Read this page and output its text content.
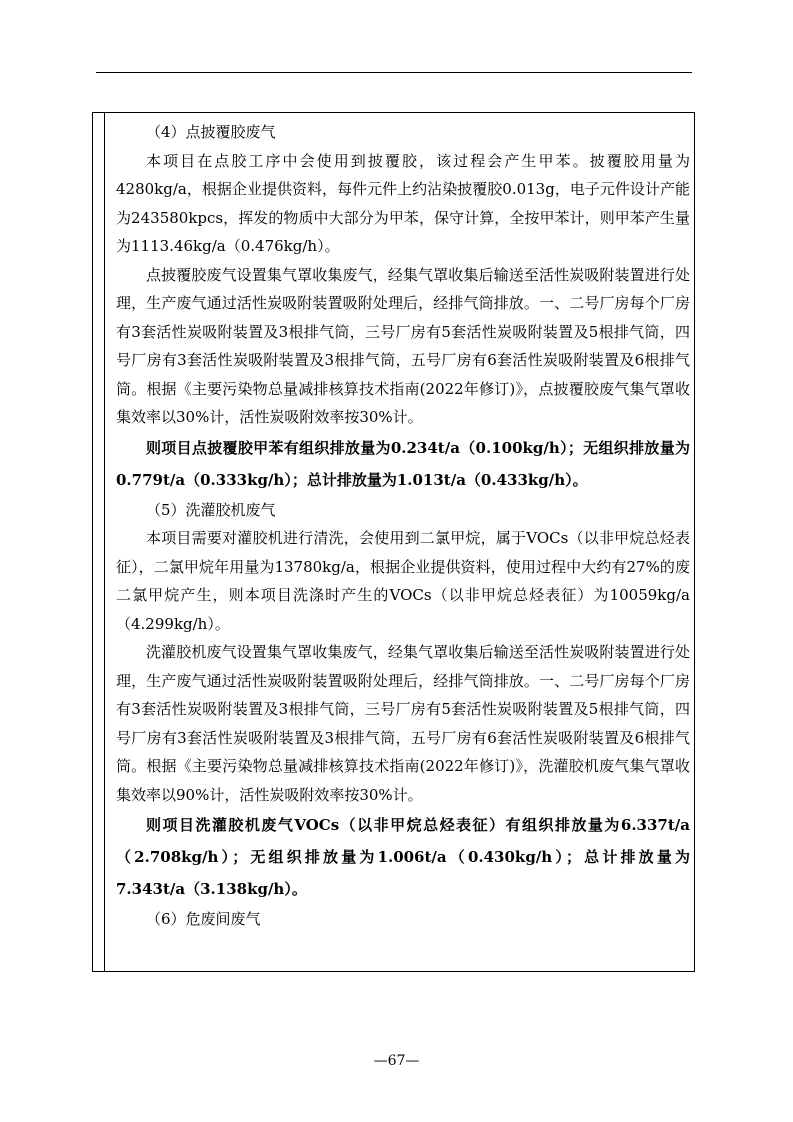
（4）点披覆胶废气

本项目在点胶工序中会使用到披覆胶，该过程会产生甲苯。披覆胶用量为4280kg/a，根据企业提供资料，每件元件上约沾染披覆胶0.013g，电子元件设计产能为243580kpcs，挥发的物质中大部分为甲苯，保守计算，全按甲苯计，则甲苯产生量为1113.46kg/a（0.476kg/h）。

点披覆胶废气设置集气罩收集废气，经集气罩收集后输送至活性炭吸附装置进行处理，生产废气通过活性炭吸附装置吸附处理后，经排气筒排放。一、二号厂房每个厂房有3套活性炭吸附装置及3根排气筒，三号厂房有5套活性炭吸附装置及5根排气筒，四号厂房有3套活性炭吸附装置及3根排气筒，五号厂房有6套活性炭吸附装置及6根排气筒。根据《主要污染物总量减排核算技术指南(2022年修订)》，点披覆胶废气集气罩收集效率以30%计，活性炭吸附效率按30%计。

则项目点披覆胶甲苯有组织排放量为0.234t/a（0.100kg/h）；无组织排放量为0.779t/a（0.333kg/h）；总计排放量为1.013t/a（0.433kg/h）。

（5）洗灌胶机废气

本项目需要对灌胶机进行清洗，会使用到二氯甲烷，属于VOCs（以非甲烷总烃表征），二氯甲烷年用量为13780kg/a，根据企业提供资料，使用过程中大约有27%的废二氯甲烷产生，则本项目洗涤时产生的VOCs（以非甲烷总烃表征）为10059kg/a（4.299kg/h）。

洗灌胶机废气设置集气罩收集废气，经集气罩收集后输送至活性炭吸附装置进行处理，生产废气通过活性炭吸附装置吸附处理后，经排气筒排放。一、二号厂房每个厂房有3套活性炭吸附装置及3根排气筒，三号厂房有5套活性炭吸附装置及5根排气筒，四号厂房有3套活性炭吸附装置及3根排气筒，五号厂房有6套活性炭吸附装置及6根排气筒。根据《主要污染物总量减排核算技术指南(2022年修订)》，洗灌胶机废气集气罩收集效率以90%计，活性炭吸附效率按30%计。

则项目洗灌胶机废气VOCs（以非甲烷总烃表征）有组织排放量为6.337t/a（2.708kg/h）；无组织排放量为1.006t/a（0.430kg/h）；总计排放量为7.343t/a（3.138kg/h）。

（6）危废间废气

—67—
